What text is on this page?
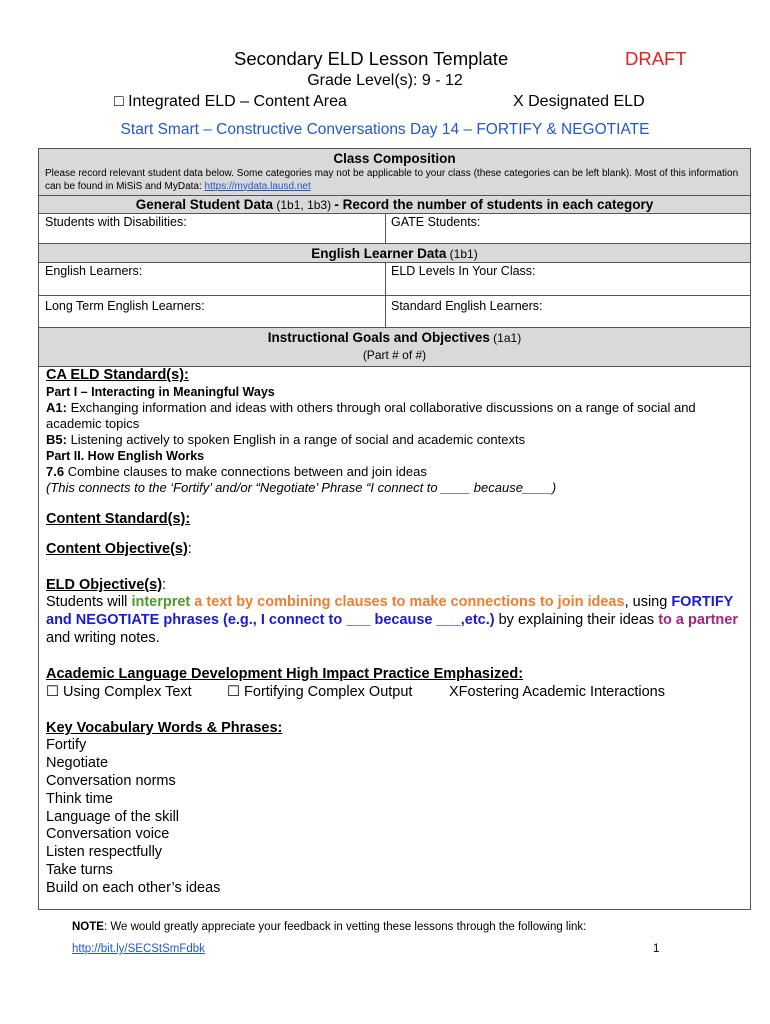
Secondary ELD Lesson Template	DRAFT
Grade Level(s): 9 - 12
□ Integrated ELD – Content Area	X Designated ELD
Start Smart – Constructive Conversations Day 14 – FORTIFY & NEGOTIATE
Class Composition
Please record relevant student data below. Some categories may not be applicable to your class (these categories can be left blank). Most of this information can be found in MiSiS and MyData: https://mydata.lausd.net
General Student Data (1b1, 1b3) - Record the number of students in each category
Students with Disabilities:	GATE Students:
English Learner Data (1b1)
English Learners:	ELD Levels In Your Class:
Long Term English Learners:	Standard English Learners:
Instructional Goals and Objectives (1a1)
(Part # of #)
CA ELD Standard(s):
Part I – Interacting in Meaningful Ways
A1: Exchanging information and ideas with others through oral collaborative discussions on a range of social and academic topics
B5: Listening actively to spoken English in a range of social and academic contexts
Part II. How English Works
7.6 Combine clauses to make connections between and join ideas
(This connects to the ‘Fortify’ and/or “Negotiate’ Phrase “I connect to ____ because____)
Content Standard(s):
Content Objective(s):
ELD Objective(s):
Students will interpret a text by combining clauses to make connections to join ideas, using FORTIFY and NEGOTIATE phrases (e.g., I connect to ___ because ___,etc.) by explaining their ideas to a partner and writing notes.
Academic Language Development High Impact Practice Emphasized:
☐ Using Complex Text ☐ Fortifying Complex Output	XFostering Academic Interactions
Key Vocabulary Words & Phrases:
Fortify
Negotiate
Conversation norms
Think time
Language of the skill
Conversation voice
Listen respectfully
Take turns
Build on each other’s ideas
NOTE: We would greatly appreciate your feedback in vetting these lessons through the following link:
http://bit.ly/SECStSmFdbk	1
